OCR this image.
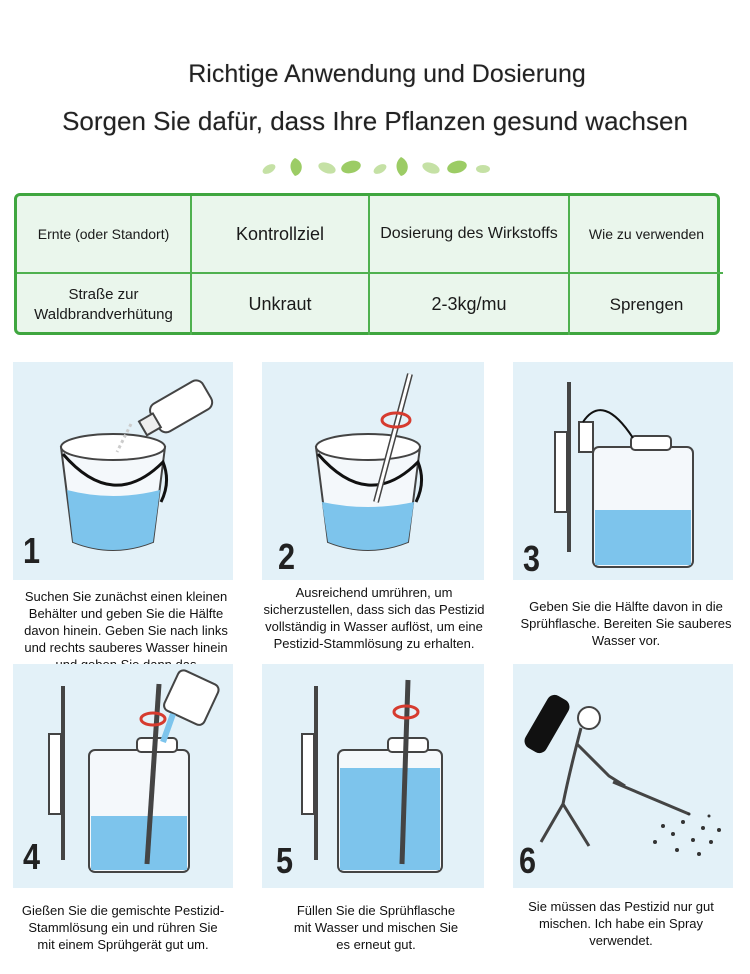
Richtige Anwendung und Dosierung
Sorgen Sie dafür, dass Ihre Pflanzen gesund wachsen
Ernte (oder Standort)	Kontrollziel	Dosierung des Wirkstoffs	Wie zu verwenden
Straße zur Waldbrandverhütung	Unkraut	2-3kg/mu	Sprengen
1
Suchen Sie zunächst einen kleinen Behälter und geben Sie die Hälfte davon hinein. Geben Sie nach links und rechts sauberes Wasser hinein
2
Ausreichend umrühren, um sicherzustellen, dass sich das Pestizid vollständig in Wasser auflöst, um eine Pestizid-Stammlösung zu erhalten.
3
Geben Sie die Hälfte davon in die Sprühflasche. Bereiten Sie sauberes Wasser vor.
4
Gießen Sie die gemischte Pestizid-Stammlösung ein und rühren Sie mit einem Sprühgerät gut um.
5
Füllen Sie die Sprühflasche mit Wasser und mischen Sie es erneut gut.
6
Sie müssen das Pestizid nur gut mischen. Ich habe ein Spray verwendet.
